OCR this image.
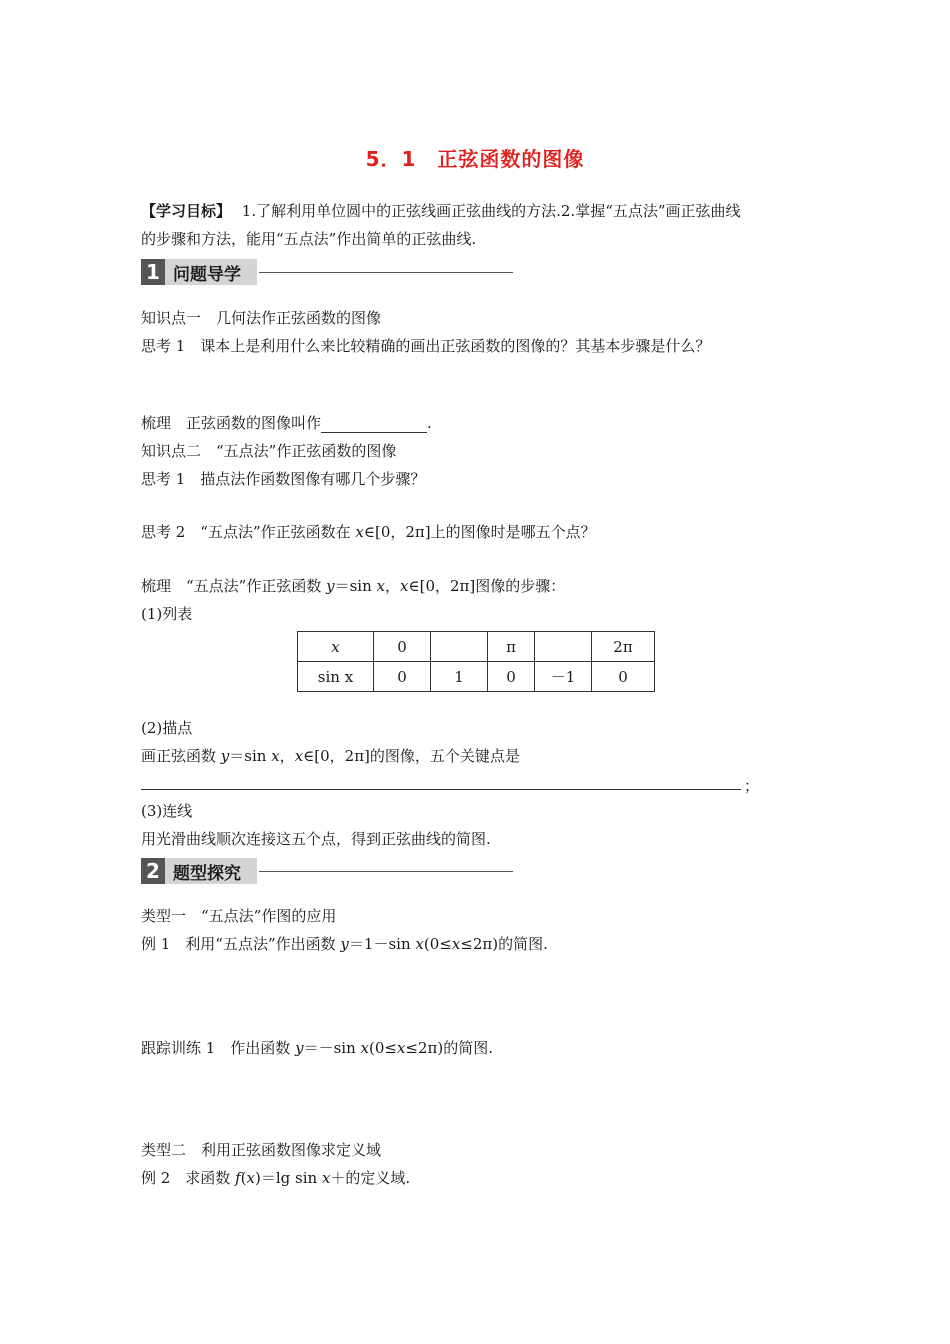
5．1　正弦函数的图像
【学习目标】 1.了解利用单位圆中的正弦线画正弦曲线的方法.2.掌握“五点法”画正弦曲线
的步骤和方法，能用“五点法”作出简单的正弦曲线.
1 问题导学
知识点一　几何法作正弦函数的图像
思考 1　课本上是利用什么来比较精确的画出正弦函数的图像的？其基本步骤是什么？
梳理　正弦函数的图像叫作	.
知识点二　“五点法”作正弦函数的图像
思考 1　描点法作函数图像有哪几个步骤？
思考 2　“五点法”作正弦函数在 x∈[0，2π]上的图像时是哪五个点？
梳理　“五点法”作正弦函数 y＝sin x，x∈[0，2π]图像的步骤：
(1)列表
x	0		π		2π
sin x	0	1	0	－1	0
(2)描点
画正弦函数 y＝sin x，x∈[0，2π]的图像，五个关键点是
；
(3)连线
用光滑曲线顺次连接这五个点，得到正弦曲线的简图.
2 题型探究
类型一　“五点法”作图的应用
例 1　利用“五点法”作出函数 y＝1－sin x(0≤x≤2π)的简图.
跟踪训练 1　作出函数 y＝－sin x(0≤x≤2π)的简图.
类型二　利用正弦函数图像求定义域
例 2　求函数 f(x)＝lg sin x＋的定义域.
